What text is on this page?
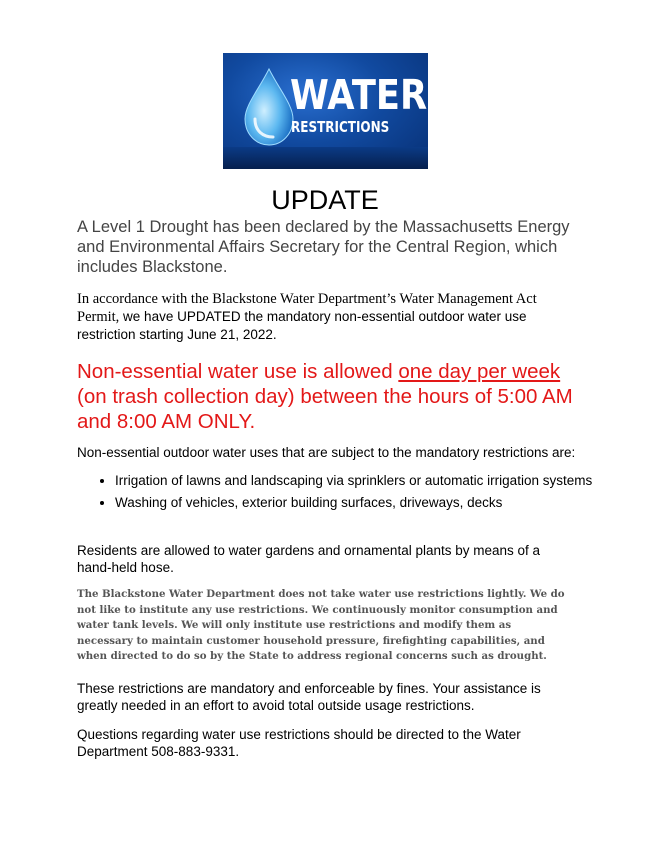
WATER
RESTRICTIONS
UPDATE
A Level 1 Drought has been declared by the Massachusetts Energy and Environmental Affairs Secretary for the Central Region, which includes Blackstone.
In accordance with the Blackstone Water Department’s Water Management Act Permit, we have UPDATED the mandatory non-essential outdoor water use restriction starting June 21, 2022.
Non-essential water use is allowed one day per week (on trash collection day) between the hours of 5:00 AM and 8:00 AM ONLY.
Non-essential outdoor water uses that are subject to the mandatory restrictions are:
• Irrigation of lawns and landscaping via sprinklers or automatic irrigation systems
• Washing of vehicles, exterior building surfaces, driveways, decks
Residents are allowed to water gardens and ornamental plants by means of a hand-held hose.
The Blackstone Water Department does not take water use restrictions lightly. We do not like to institute any use restrictions. We continuously monitor consumption and water tank levels. We will only institute use restrictions and modify them as necessary to maintain customer household pressure, firefighting capabilities, and when directed to do so by the State to address regional concerns such as drought.
These restrictions are mandatory and enforceable by fines. Your assistance is greatly needed in an effort to avoid total outside usage restrictions.
Questions regarding water use restrictions should be directed to the Water Department 508-883-9331.
